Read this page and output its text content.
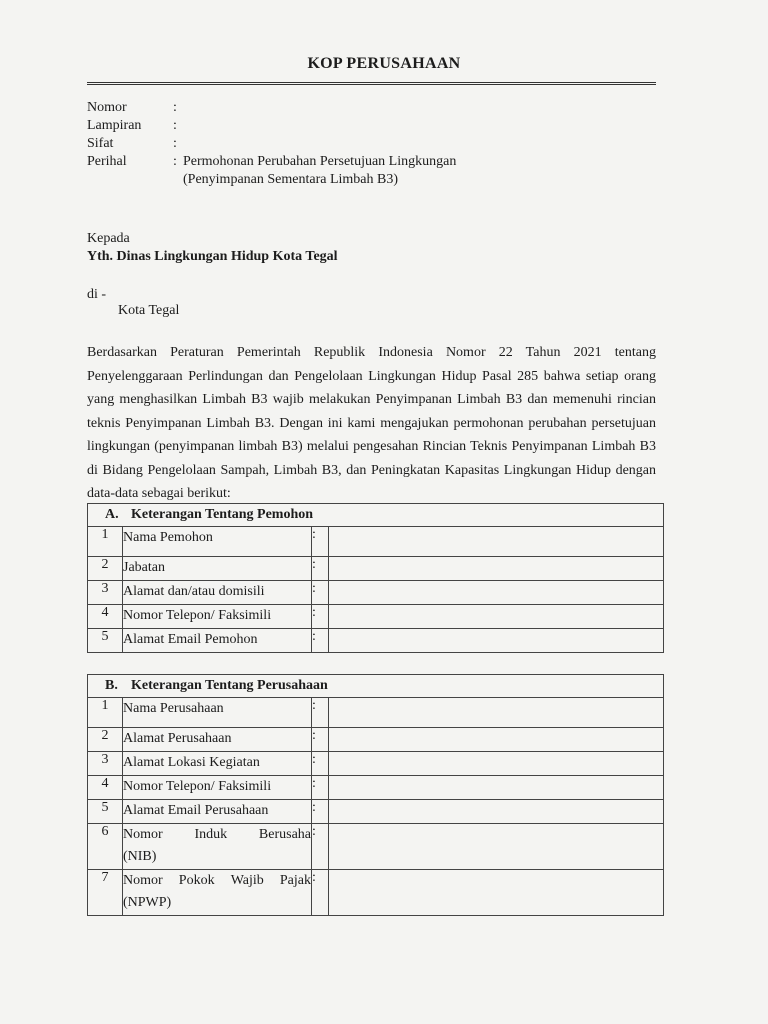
KOP PERUSAHAAN
Nomor	:
Lampiran	:
Sifat	:
Perihal	: Permohonan Perubahan Persetujuan Lingkungan
(Penyimpanan Sementara Limbah B3)
Kepada
Yth. Dinas Lingkungan Hidup Kota Tegal
di -
Kota Tegal
Berdasarkan Peraturan Pemerintah Republik Indonesia Nomor 22 Tahun 2021 tentang Penyelenggaraan Perlindungan dan Pengelolaan Lingkungan Hidup Pasal 285 bahwa setiap orang yang menghasilkan Limbah B3 wajib melakukan Penyimpanan Limbah B3 dan memenuhi rincian teknis Penyimpanan Limbah B3. Dengan ini kami mengajukan permohonan perubahan persetujuan lingkungan (penyimpanan limbah B3) melalui pengesahan Rincian Teknis Penyimpanan Limbah B3 di Bidang Pengelolaan Sampah, Limbah B3, dan Peningkatan Kapasitas Lingkungan Hidup dengan data-data sebagai berikut:
A. Keterangan Tentang Pemohon			
1	Nama Pemohon	:	
2	Jabatan	:	
3	Alamat dan/atau domisili	:	
4	Nomor Telepon/ Faksimili	:	
5	Alamat Email Pemohon	:	
B. Keterangan Tentang Perusahaan			
1	Nama Perusahaan	:	
2	Alamat Perusahaan	:	
3	Alamat Lokasi Kegiatan	:	
4	Nomor Telepon/ Faksimili	:	
5	Alamat Email Perusahaan	:	
6	Nomor Induk Berusaha
(NIB)	:	
7	Nomor Pokok Wajib Pajak
(NPWP)	:	
